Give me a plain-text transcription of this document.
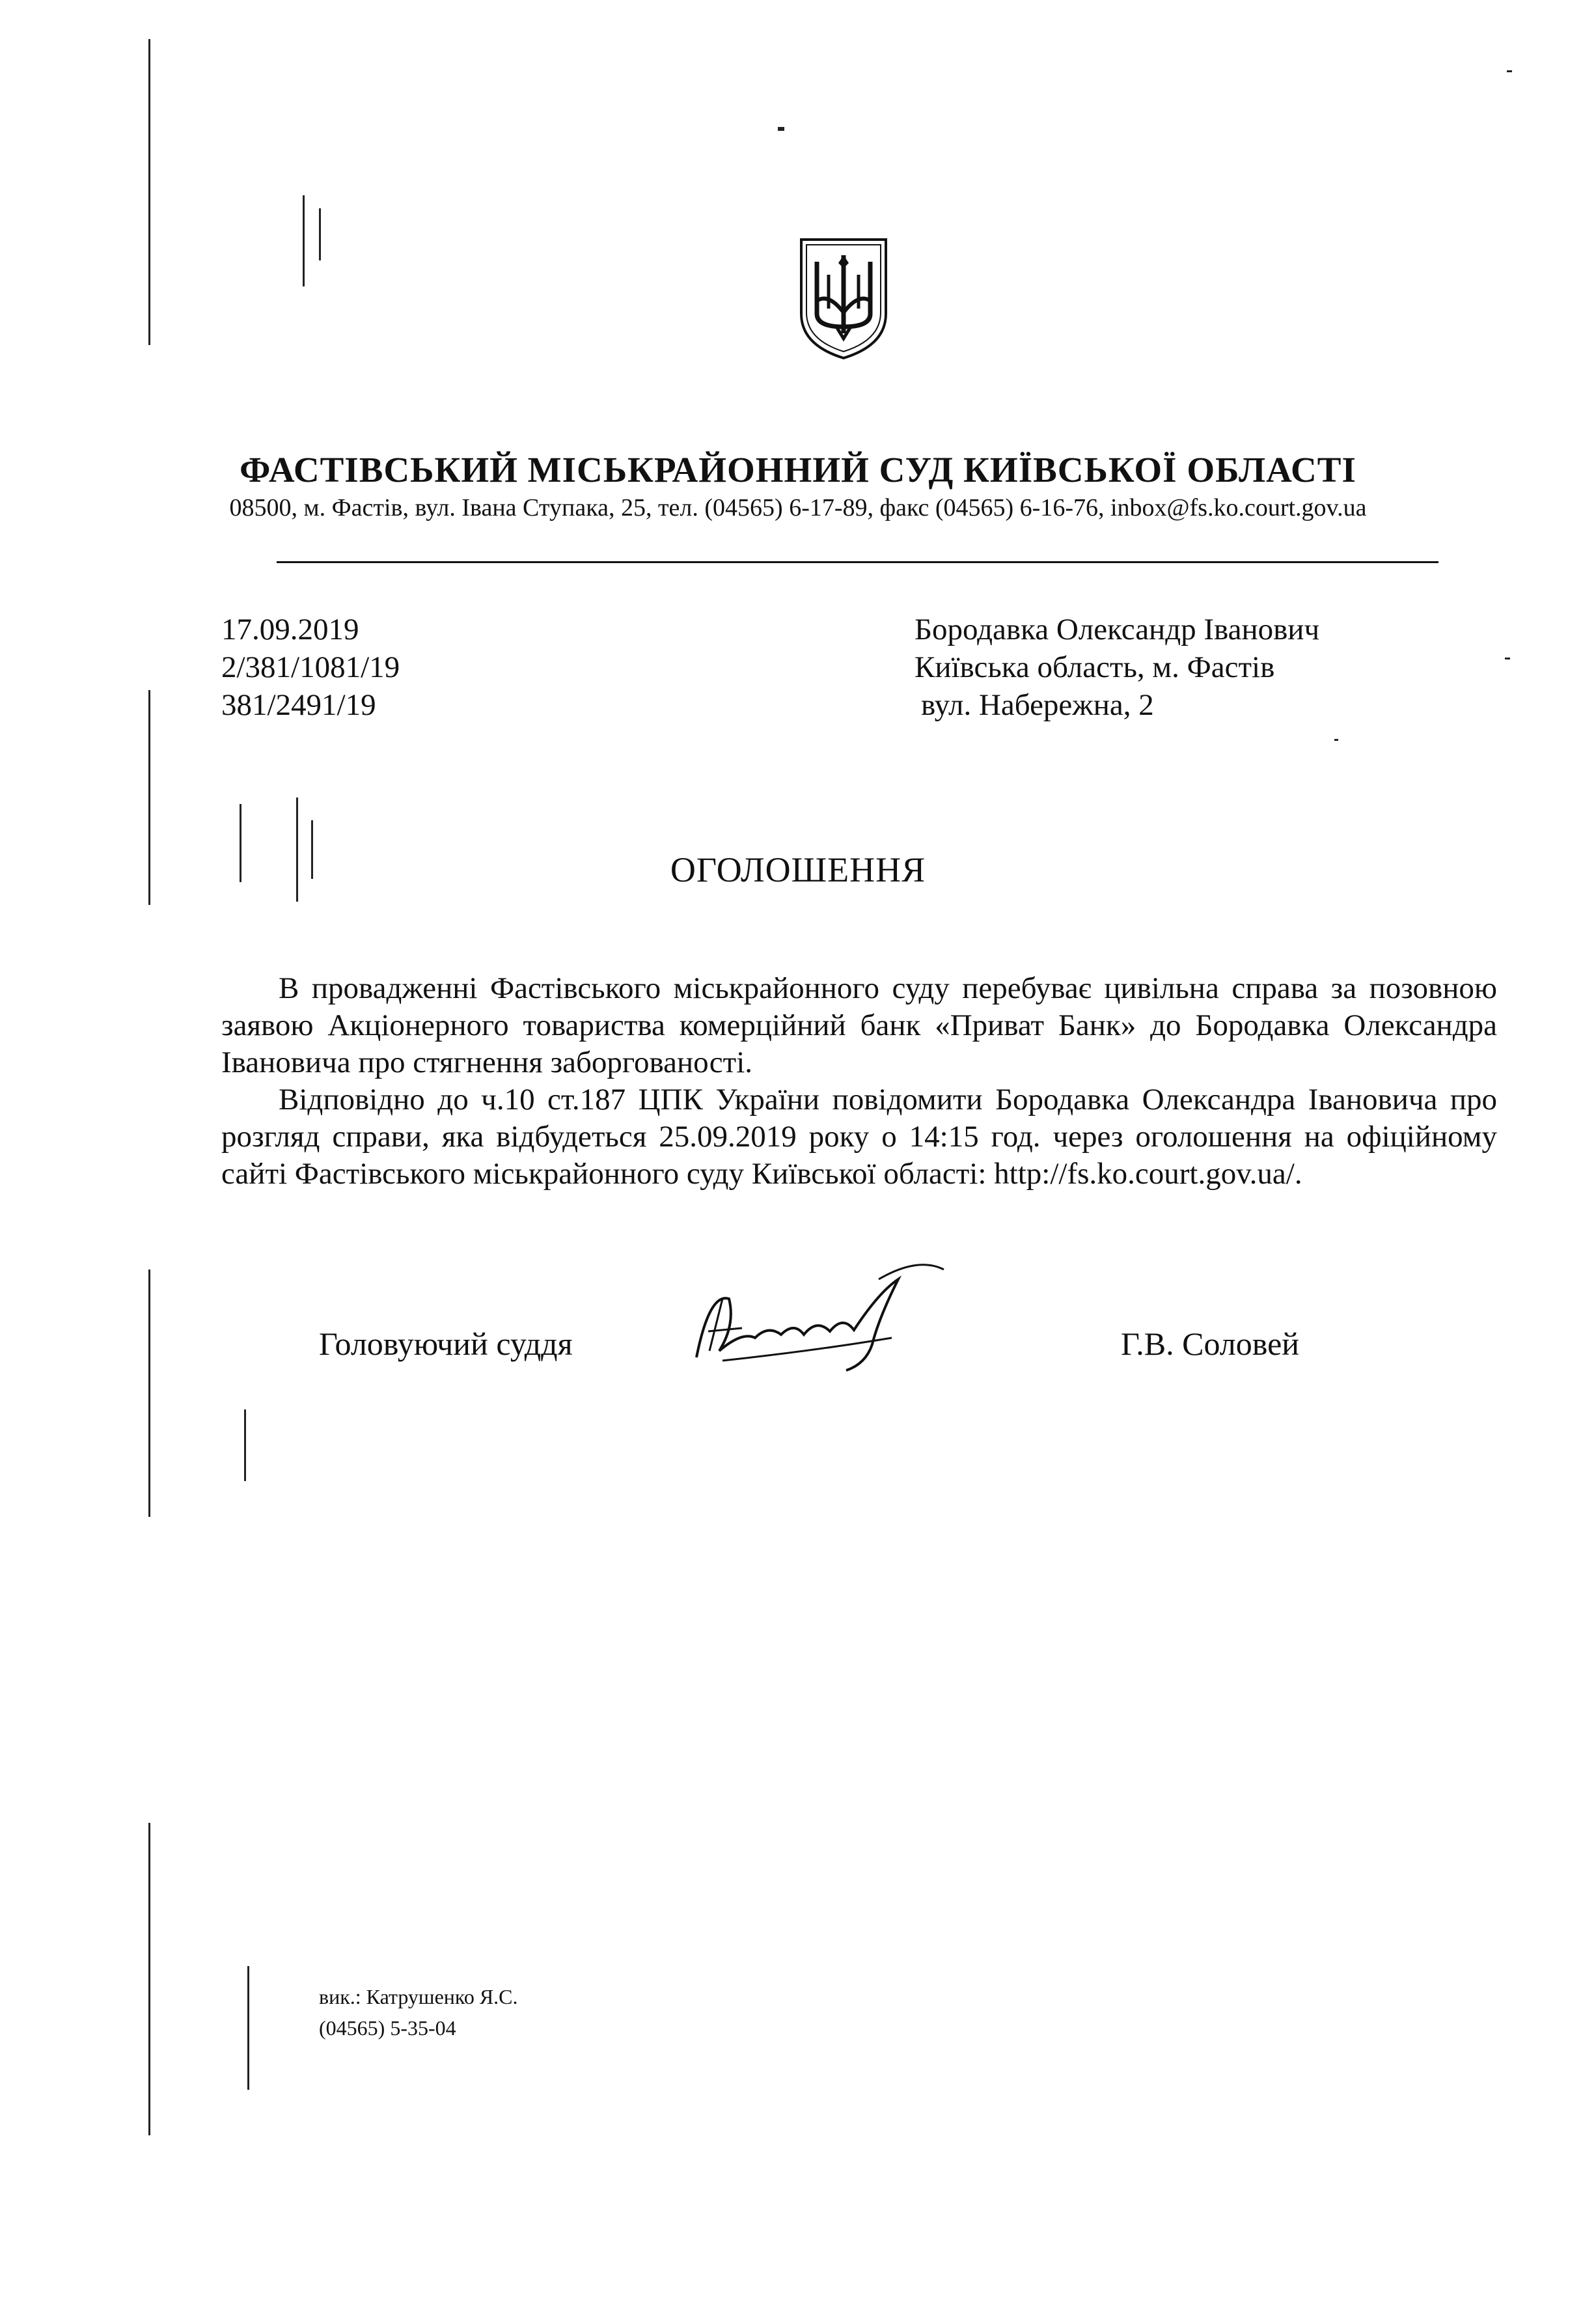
ФАСТІВСЬКИЙ МІСЬКРАЙОННИЙ СУД КИЇВСЬКОЇ ОБЛАСТІ
08500, м. Фастів, вул. Івана Ступака, 25, тел. (04565) 6-17-89, факс (04565) 6-16-76, inbox@fs.ko.court.gov.ua
17.09.2019
2/381/1081/19
381/2491/19
Бородавка Олександр Іванович
Київська область, м. Фастів
вул. Набережна, 2
ОГОЛОШЕННЯ

В провадженні Фастівського міськрайонного суду перебуває цивільна справа за позовною заявою Акціонерного товариства комерційний банк «Приват Банк» до Бородавка Олександра Івановича про стягнення заборгованості.

Відповідно до ч.10 ст.187 ЦПК України повідомити Бородавка Олександра Івановича про розгляд справи, яка відбудеться 25.09.2019 року о 14:15 год. через оголошення на офіційному сайті Фастівського міськрайонного суду Київської області: http://fs.ko.court.gov.ua/.

Головуючий суддя	Г.В. Соловей
вик.: Катрушенко Я.С.
(04565) 5-35-04
